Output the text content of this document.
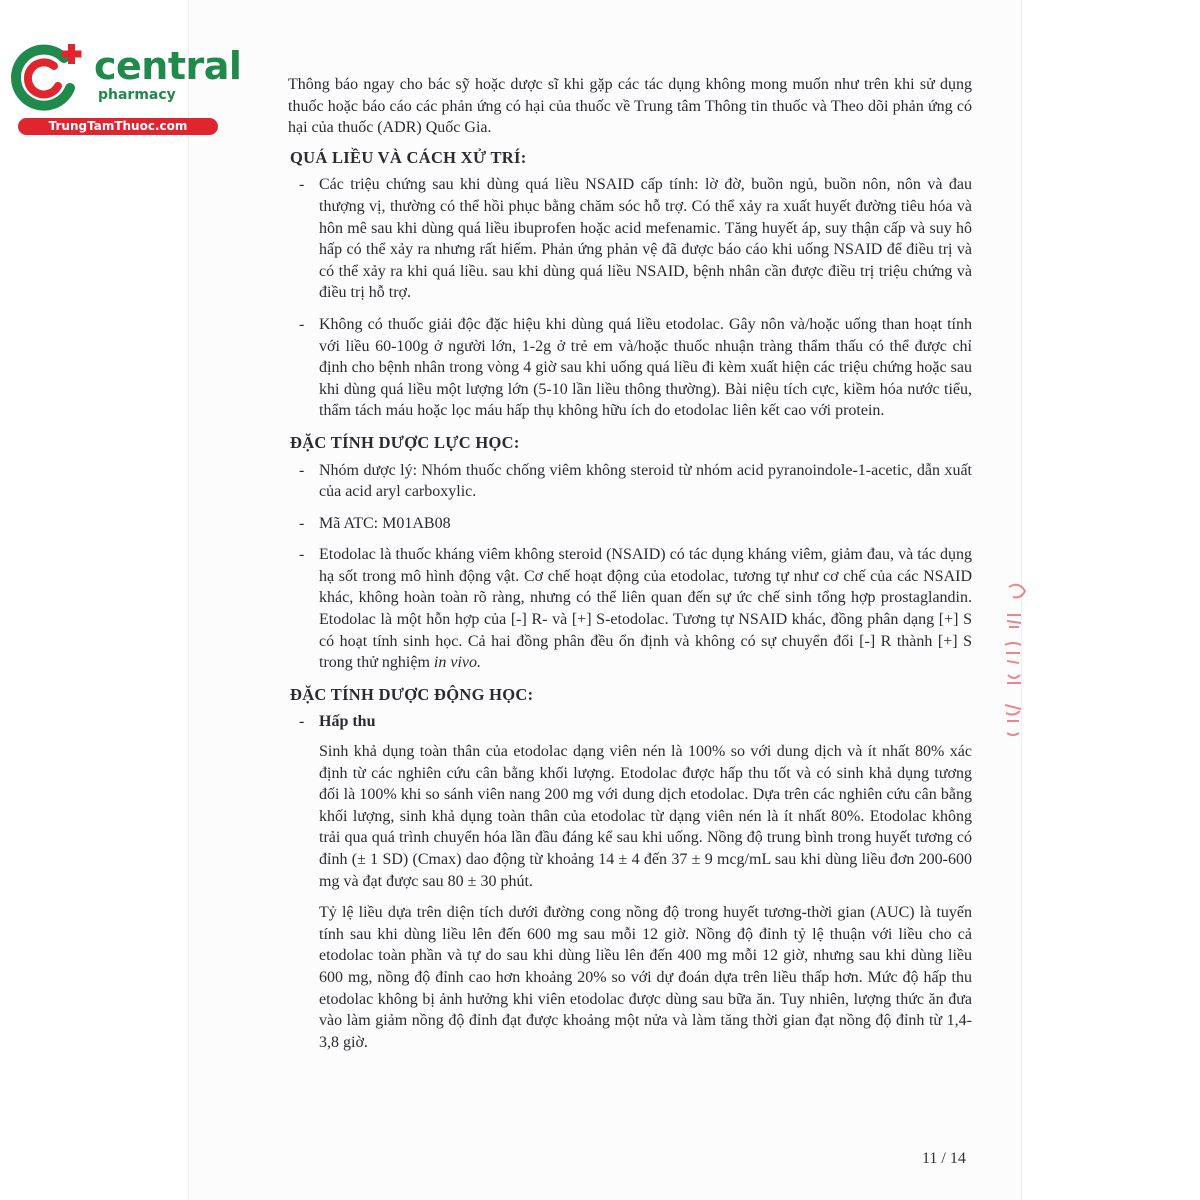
central
pharmacy
TrungTamThuoc.com

Thông báo ngay cho bác sỹ hoặc dược sĩ khi gặp các tác dụng không mong muốn như trên khi sử dụng thuốc hoặc báo cáo các phản ứng có hại của thuốc về Trung tâm Thông tin thuốc và Theo dõi phản ứng có hại của thuốc (ADR) Quốc Gia.

QUÁ LIỀU VÀ CÁCH XỬ TRÍ:
- Các triệu chứng sau khi dùng quá liều NSAID cấp tính: lờ đờ, buồn ngủ, buồn nôn, nôn và đau thượng vị, thường có thể hồi phục bằng chăm sóc hỗ trợ. Có thể xảy ra xuất huyết đường tiêu hóa và hôn mê sau khi dùng quá liều ibuprofen hoặc acid mefenamic. Tăng huyết áp, suy thận cấp và suy hô hấp có thể xảy ra nhưng rất hiếm. Phản ứng phản vệ đã được báo cáo khi uống NSAID để điều trị và có thể xảy ra khi quá liều. sau khi dùng quá liều NSAID, bệnh nhân cần được điều trị triệu chứng và điều trị hỗ trợ.
- Không có thuốc giải độc đặc hiệu khi dùng quá liều etodolac. Gây nôn và/hoặc uống than hoạt tính với liều 60-100g ở người lớn, 1-2g ở trẻ em và/hoặc thuốc nhuận tràng thẩm thấu có thể được chỉ định cho bệnh nhân trong vòng 4 giờ sau khi uống quá liều đi kèm xuất hiện các triệu chứng hoặc sau khi dùng quá liều một lượng lớn (5-10 lần liều thông thường). Bài niệu tích cực, kiềm hóa nước tiểu, thẩm tách máu hoặc lọc máu hấp thụ không hữu ích do etodolac liên kết cao với protein.
ĐẶC TÍNH DƯỢC LỰC HỌC:
- Nhóm dược lý: Nhóm thuốc chống viêm không steroid từ nhóm acid pyranoindole-1-acetic, dẫn xuất của acid aryl carboxylic.
- Mã ATC: M01AB08
- Etodolac là thuốc kháng viêm không steroid (NSAID) có tác dụng kháng viêm, giảm đau, và tác dụng hạ sốt trong mô hình động vật. Cơ chế hoạt động của etodolac, tương tự như cơ chế của các NSAID khác, không hoàn toàn rõ ràng, nhưng có thể liên quan đến sự ức chế sinh tổng hợp prostaglandin. Etodolac là một hỗn hợp của [-] R- và [+] S-etodolac. Tương tự NSAID khác, đồng phân dạng [+] S có hoạt tính sinh học. Cả hai đồng phân đều ổn định và không có sự chuyển đổi [-] R thành [+] S trong thử nghiệm in vivo.
ĐẶC TÍNH DƯỢC ĐỘNG HỌC:
- Hấp thu

Sinh khả dụng toàn thân của etodolac dạng viên nén là 100% so với dung dịch và ít nhất 80% xác định từ các nghiên cứu cân bằng khối lượng. Etodolac được hấp thu tốt và có sinh khả dụng tương đối là 100% khi so sánh viên nang 200 mg với dung dịch etodolac. Dựa trên các nghiên cứu cân bằng khối lượng, sinh khả dụng toàn thân của etodolac từ dạng viên nén là ít nhất 80%. Etodolac không trải qua quá trình chuyển hóa lần đầu đáng kể sau khi uống. Nồng độ trung bình trong huyết tương có đỉnh (± 1 SD) (Cmax) dao động từ khoảng 14 ± 4 đến 37 ± 9 mcg/mL sau khi dùng liều đơn 200-600 mg và đạt được sau 80 ± 30 phút.

Tỷ lệ liều dựa trên diện tích dưới đường cong nồng độ trong huyết tương-thời gian (AUC) là tuyến tính sau khi dùng liều lên đến 600 mg sau mỗi 12 giờ. Nồng độ đỉnh tỷ lệ thuận với liều cho cả etodolac toàn phần và tự do sau khi dùng liều lên đến 400 mg mỗi 12 giờ, nhưng sau khi dùng liều 600 mg, nồng độ đỉnh cao hơn khoảng 20% so với dự đoán dựa trên liều thấp hơn. Mức độ hấp thu etodolac không bị ảnh hưởng khi viên etodolac được dùng sau bữa ăn. Tuy nhiên, lượng thức ăn đưa vào làm giảm nồng độ đỉnh đạt được khoảng một nửa và làm tăng thời gian đạt nồng độ đỉnh từ 1,4-3,8 giờ.

11 / 14
